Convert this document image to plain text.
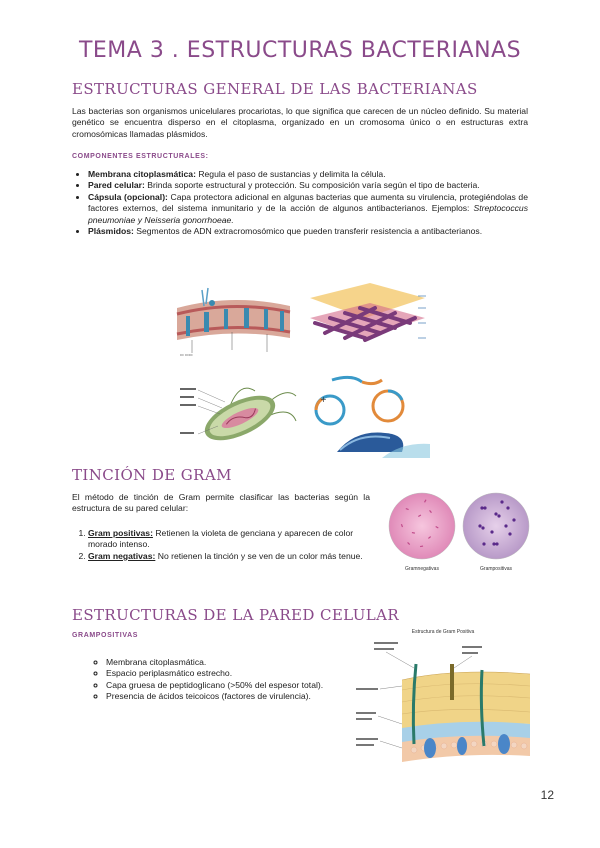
TEMA 3 . ESTRUCTURAS BACTERIANAS
ESTRUCTURAS GENERAL DE LAS BACTERIANAS
Las bacterias son organismos unicelulares procariotas, lo que significa que carecen de un núcleo definido. Su material genético se encuentra disperso en el citoplasma, organizado en un cromosoma único o en estructuras extra cromosómicas llamadas plásmidos.
COMPONENTES ESTRUCTURALES:
• Membrana citoplasmática: Regula el paso de sustancias y delimita la célula.
• Pared celular: Brinda soporte estructural y protección. Su composición varía según el tipo de bacteria.
• Cápsula (opcional): Capa protectora adicional en algunas bacterias que aumenta su virulencia, protegiéndolas de factores externos, del sistema inmunitario y de la acción de algunos antibacterianos. Ejemplos: Streptococcus pneumoniae y Neisseria gonorrhoeae.
• Plásmidos: Segmentos de ADN extracromosómico que pueden transferir resistencia a antibacterianos.
▭ ▭▭
+
TINCIÓN DE GRAM
El método de tinción de Gram permite clasificar las bacterias según la estructura de su pared celular:
1. Gram positivas: Retienen la violeta de genciana y aparecen de color morado intenso.
2. Gram negativas: No retienen la tinción y se ven de un color más tenue.
Gramnegativas	Grampositivas
ESTRUCTURAS DE LA PARED CELULAR
GRAMPOSITIVAS
◦ Membrana citoplasmática.
◦ Espacio periplasmático estrecho.
◦ Capa gruesa de peptidoglicano (>50% del espesor total).
◦ Presencia de ácidos teicoicos (factores de virulencia).
Estructura de Gram Positiva
12
